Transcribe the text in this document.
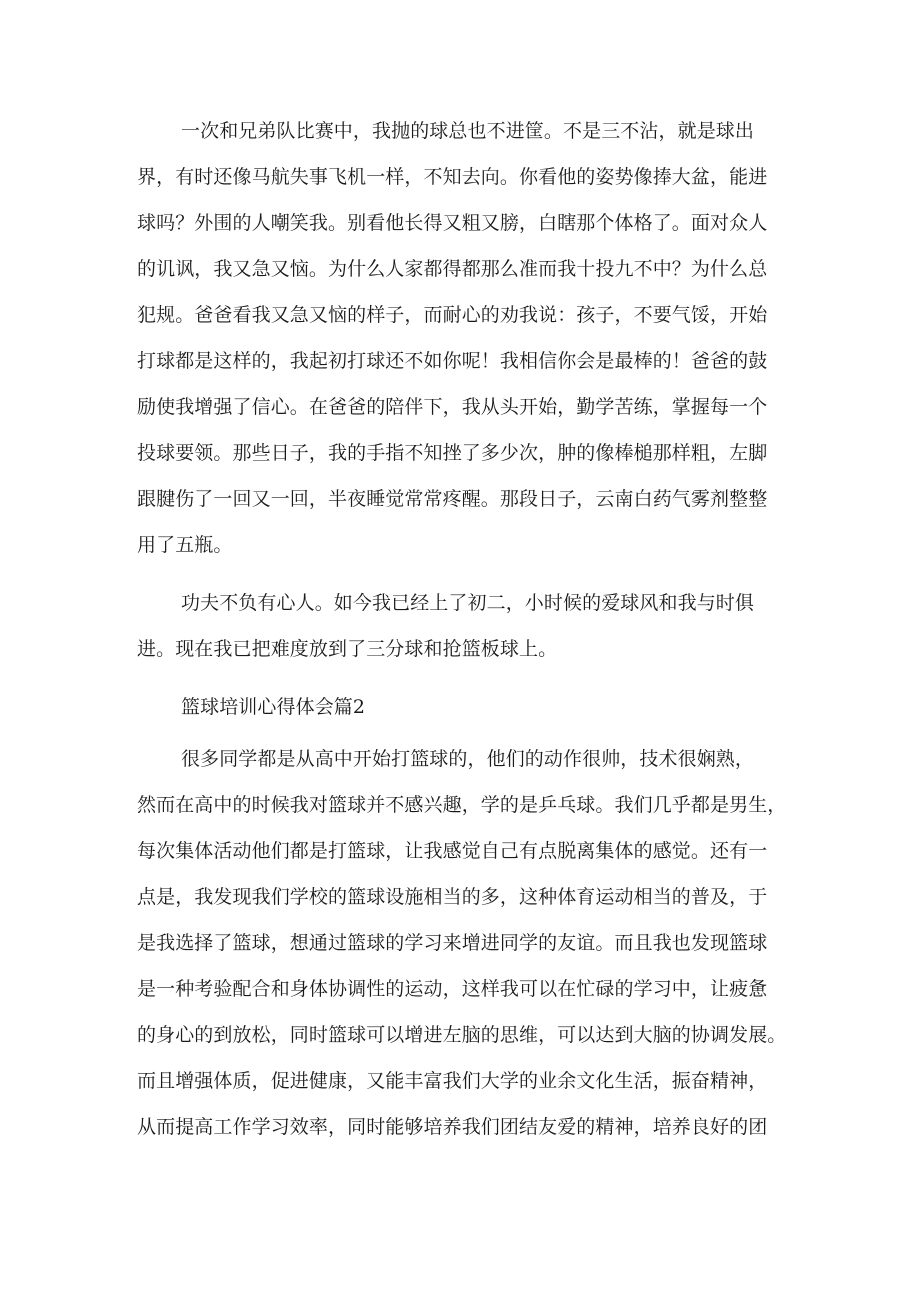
一次和兄弟队比赛中，我抛的球总也不进筐。不是三不沾，就是球出

界，有时还像马航失事飞机一样，不知去向。你看他的姿势像捧大盆，能进

球吗？外围的人嘲笑我。别看他长得又粗又膀，白瞎那个体格了。面对众人

的讥讽，我又急又恼。为什么人家都得都那么准而我十投九不中？为什么总

犯规。爸爸看我又急又恼的样子，而耐心的劝我说：孩子，不要气馁，开始

打球都是这样的，我起初打球还不如你呢！我相信你会是最棒的！爸爸的鼓

励使我增强了信心。在爸爸的陪伴下，我从头开始，勤学苦练，掌握每一个

投球要领。那些日子，我的手指不知挫了多少次，肿的像棒槌那样粗，左脚

跟腱伤了一回又一回，半夜睡觉常常疼醒。那段日子，云南白药气雾剂整整

用了五瓶。

功夫不负有心人。如今我已经上了初二，小时候的爱球风和我与时俱

进。现在我已把难度放到了三分球和抢篮板球上。

篮球培训心得体会篇2

很多同学都是从高中开始打篮球的，他们的动作很帅，技术很娴熟，

然而在高中的时候我对篮球并不感兴趣，学的是乒乓球。我们几乎都是男生，

每次集体活动他们都是打篮球，让我感觉自己有点脱离集体的感觉。还有一

点是，我发现我们学校的篮球设施相当的多，这种体育运动相当的普及，于

是我选择了篮球，想通过篮球的学习来增进同学的友谊。而且我也发现篮球

是一种考验配合和身体协调性的运动，这样我可以在忙碌的学习中，让疲惫

的身心的到放松，同时篮球可以增进左脑的思维，可以达到大脑的协调发展。

而且增强体质，促进健康，又能丰富我们大学的业余文化生活，振奋精神，

从而提高工作学习效率，同时能够培养我们团结友爱的精神，培养良好的团
